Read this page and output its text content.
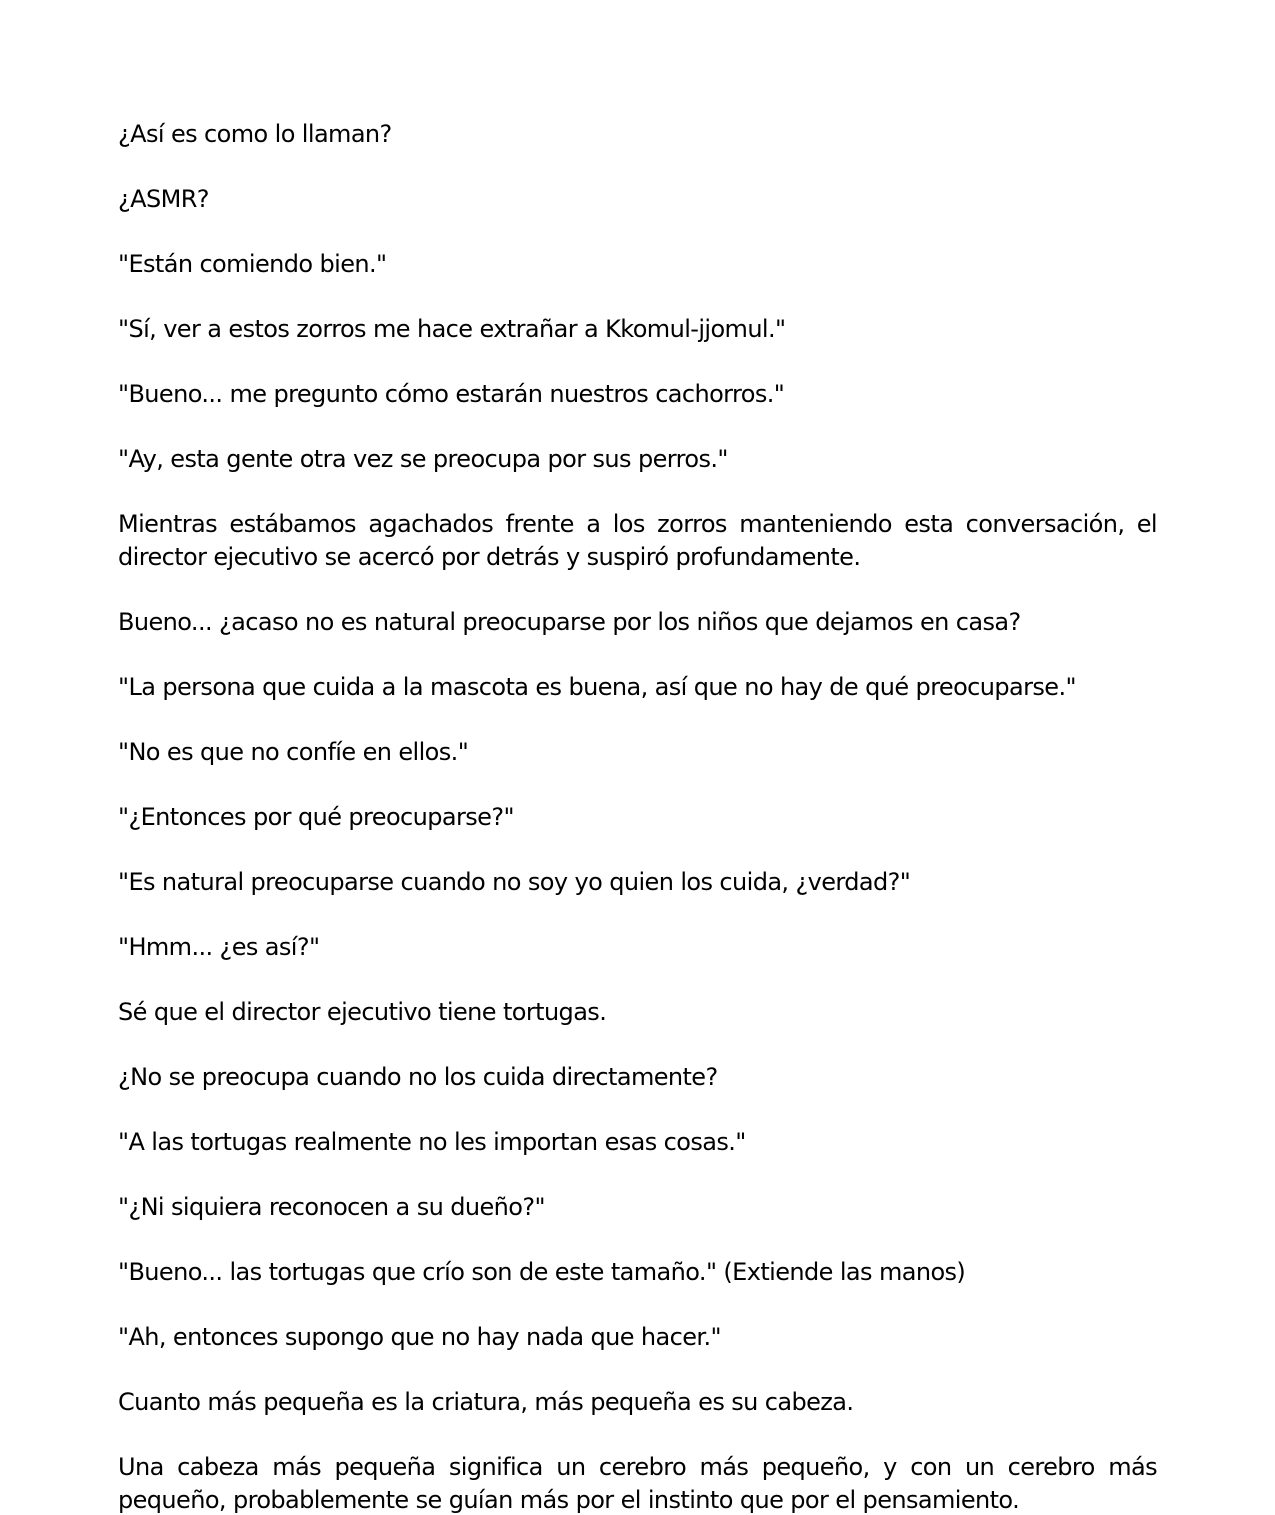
¿Así es como lo llaman?

¿ASMR?

"Están comiendo bien."

"Sí, ver a estos zorros me hace extrañar a Kkomul-jjomul."

"Bueno... me pregunto cómo estarán nuestros cachorros."

"Ay, esta gente otra vez se preocupa por sus perros."

Mientras estábamos agachados frente a los zorros manteniendo esta conversación, el director ejecutivo se acercó por detrás y suspiró profundamente.

Bueno... ¿acaso no es natural preocuparse por los niños que dejamos en casa?

"La persona que cuida a la mascota es buena, así que no hay de qué preocuparse."

"No es que no confíe en ellos."

"¿Entonces por qué preocuparse?"

"Es natural preocuparse cuando no soy yo quien los cuida, ¿verdad?"

"Hmm... ¿es así?"

Sé que el director ejecutivo tiene tortugas.

¿No se preocupa cuando no los cuida directamente?

"A las tortugas realmente no les importan esas cosas."

"¿Ni siquiera reconocen a su dueño?"

"Bueno... las tortugas que crío son de este tamaño." (Extiende las manos)

"Ah, entonces supongo que no hay nada que hacer."

Cuanto más pequeña es la criatura, más pequeña es su cabeza.

Una cabeza más pequeña significa un cerebro más pequeño, y con un cerebro más pequeño, probablemente se guían más por el instinto que por el pensamiento.
